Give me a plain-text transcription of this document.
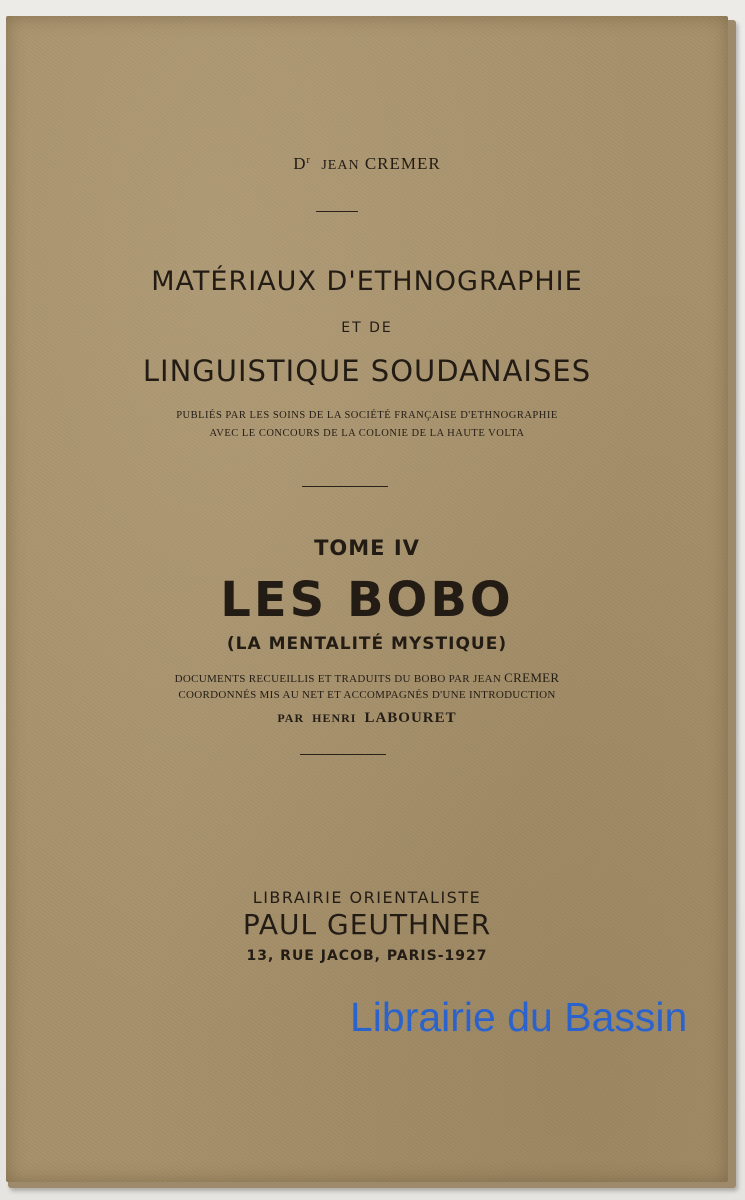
$D^r$ JEAN CREMER
MATÉRIAUX D'ETHNOGRAPHIE
ET DE
LINGUISTIQUE SOUDANAISES
PUBLIÉS PAR LES SOINS DE LA SOCIÉTÉ FRANÇAISE D'ETHNOGRAPHIE
AVEC LE CONCOURS DE LA COLONIE DE LA HAUTE VOLTA
TOME IV
LES BOBO
(LA MENTALITÉ MYSTIQUE)
DOCUMENTS RECUEILLIS ET TRADUITS DU BOBO PAR JEAN CREMER
COORDONNÉS MIS AU NET ET ACCOMPAGNÉS D'UNE INTRODUCTION
PAR HENRI LABOURET
LIBRAIRIE ORIENTALISTE
PAUL GEUTHNER
13, RUE JACOB, PARIS-1927
Librairie du Bassin
